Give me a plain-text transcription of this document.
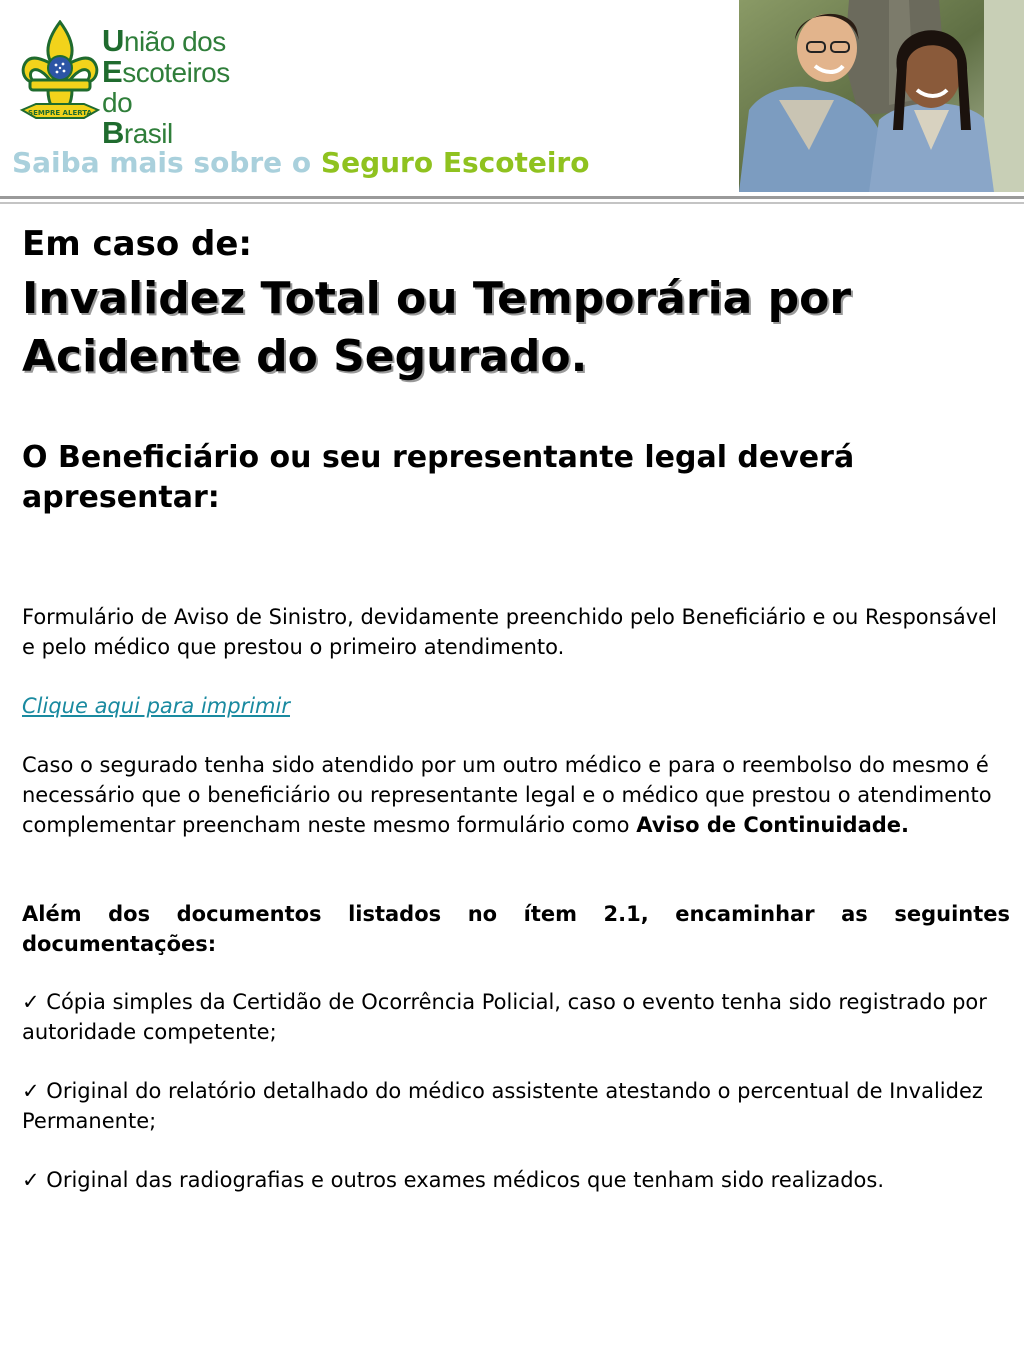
SEMPRE ALERTA
União dos
Escoteiros do
Brasil
Saiba mais sobre o Seguro Escoteiro
Em caso de:
Invalidez Total ou Temporária por Acidente do Segurado.

O Beneficiário ou seu representante legal deverá apresentar:

Formulário de Aviso de Sinistro, devidamente preenchido pelo Beneficiário e ou Responsável e pelo médico que prestou o primeiro atendimento.

Clique aqui para imprimir

Caso o segurado tenha sido atendido por um outro médico e para o reembolso do mesmo é necessário que o beneficiário ou representante legal e o médico que prestou o atendimento complementar preencham neste mesmo formulário como Aviso de Continuidade.

Além dos documentos listados no ítem 2.1, encaminhar as seguintes documentações:

✓ Cópia simples da Certidão de Ocorrência Policial, caso o evento tenha sido registrado por autoridade competente;

✓ Original do relatório detalhado do médico assistente atestando o percentual de Invalidez Permanente;

✓ Original das radiografias e outros exames médicos que tenham sido realizados.
